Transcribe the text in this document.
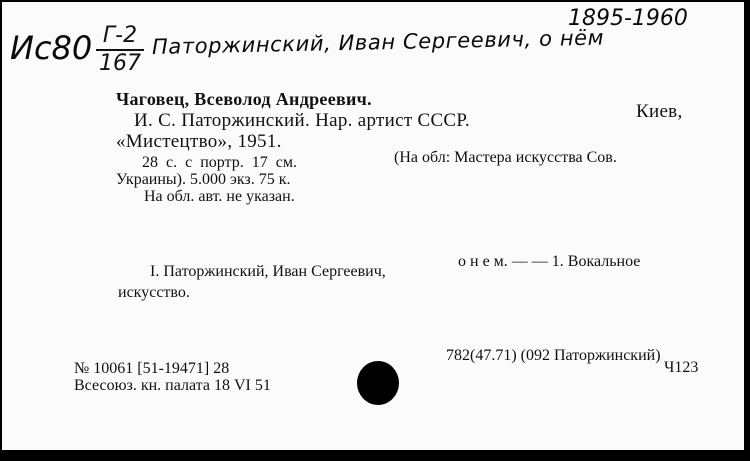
Ис80 Г-2
167
Паторжинский, Иван Сергеевич, о нём
1895-1960
Чаговец, Всеволод Андреевич.
И. С. Паторжинский. Нар. артист СССР.	Киев,
«Мистецтво», 1951.
28 с. с портр. 17 см.	(На обл: Мастера искусства Сов.
Украины). 5.000 экз. 75 к.
На обл. авт. не указан.
I. Паторжинский, Иван Сергеевич,
о н е м. — — 1. Вокальное
искусство.
№ 10061 [51-19471] 28
Всесоюз. кн. палата 18 VI 51
782(47.71) (092 Паторжинский)
Ч123
